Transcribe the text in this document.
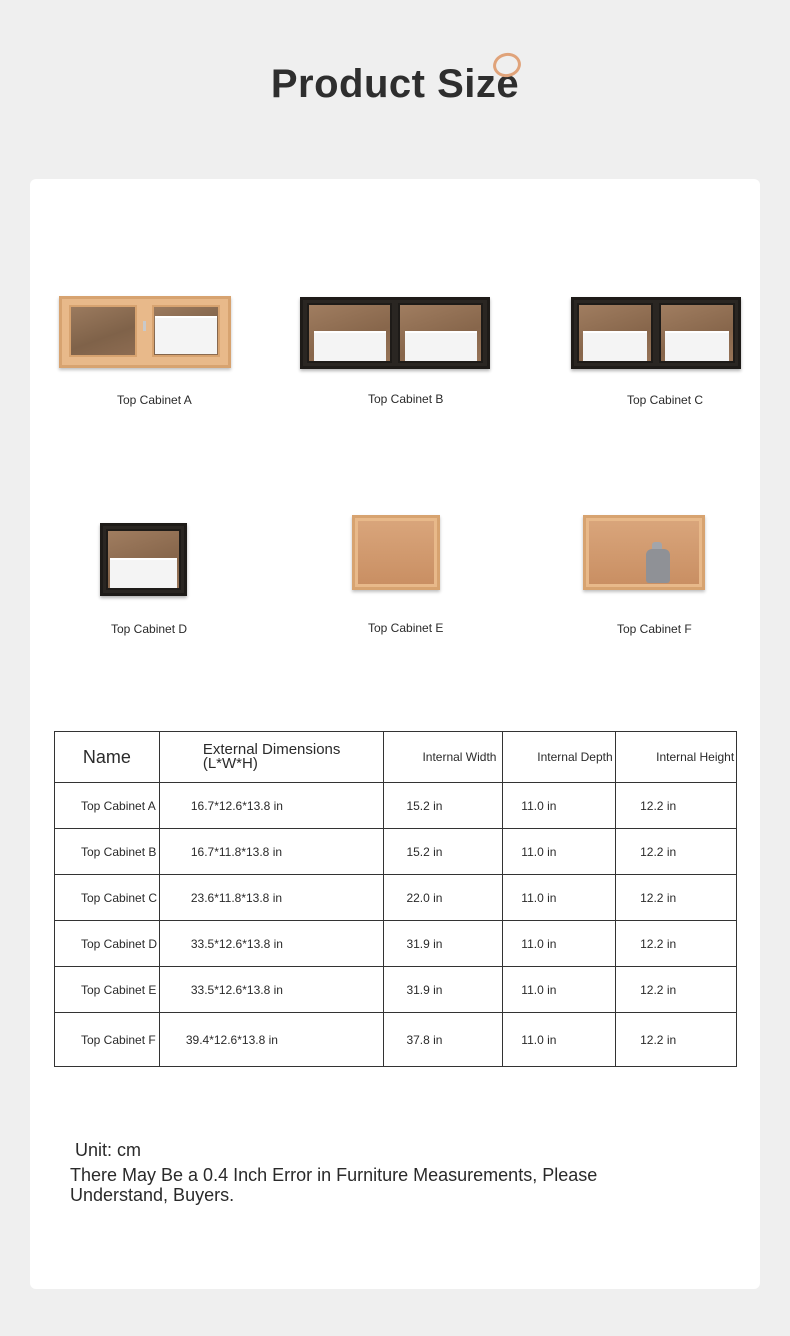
Product Size
Top Cabinet A	Top Cabinet B	Top Cabinet C
Top Cabinet D	Top Cabinet E	Top Cabinet F
Name	External Dimensions (L*W*H)	Internal Width	Internal Depth	Internal Height
Top Cabinet A	16.7*12.6*13.8 in	15.2 in	11.0 in	12.2 in
Top Cabinet B	16.7*11.8*13.8 in	15.2 in	11.0 in	12.2 in
Top Cabinet C	23.6*11.8*13.8 in	22.0 in	11.0 in	12.2 in
Top Cabinet D	33.5*12.6*13.8 in	31.9 in	11.0 in	12.2 in
Top Cabinet E	33.5*12.6*13.8 in	31.9 in	11.0 in	12.2 in
Top Cabinet F	39.4*12.6*13.8 in	37.8 in	11.0 in	12.2 in
Unit: cm
There May Be a 0.4 Inch Error in Furniture Measurements, Please Understand, Buyers.
